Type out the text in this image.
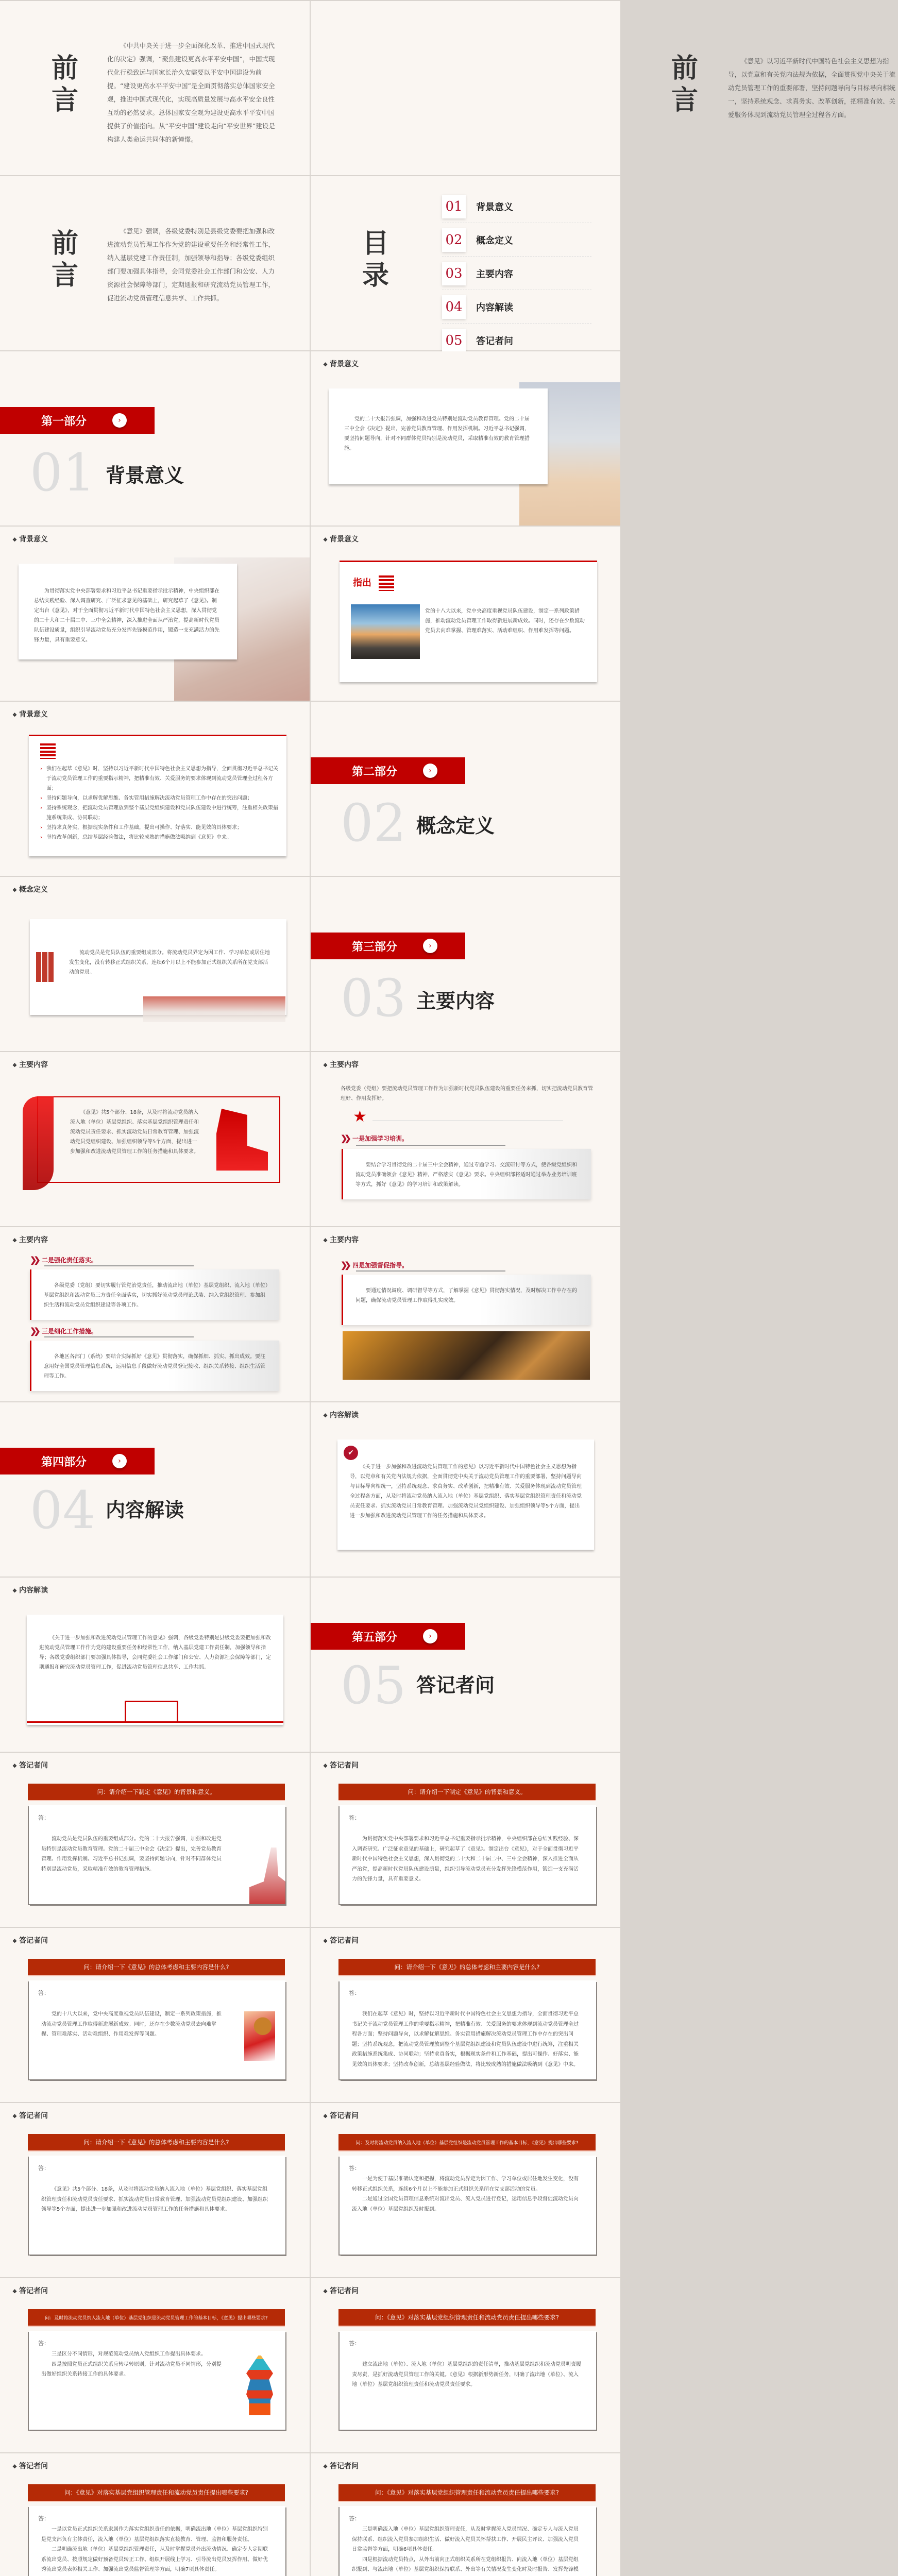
前言
《中共中央关于进一步全面深化改革、推进中国式现代化的决定》强调，“聚焦建设更高水平平安中国”，中国式现代化行稳致远与国家长治久安需要以平安中国建设为前提。“建设更高水平平安中国”是全面贯彻落实总体国家安全观，推进中国式现代化，实现高质量发展与高水平安全良性互动的必然要求。总体国家安全观为建设更高水平平安中国提供了价值指向。从“平安中国”建设走向“平安世界”建设是构建人类命运共同体的新憧憬。
前言
《意见》以习近平新时代中国特色社会主义思想为指导，以党章和有关党内法规为依据，全面贯彻党中央关于流动党员管理工作的重要部署，坚持问题导向与目标导向相统一，坚持系统观念、求真务实、改革创新，把精准有效、关爱服务体现到流动党员管理全过程各方面。
前言
《意见》强调，各级党委特别是县级党委要把加强和改进流动党员管理工作作为党的建设重要任务和经常性工作，纳入基层党建工作责任制，加强领导和指导；各级党委组织部门要加强具体指导，会同党委社会工作部门和公安、人力资源社会保障等部门，定期通报和研究流动党员管理工作，促进流动党员管理信息共享、工作共抓。
目录
01	背景意义
02	概念定义
03	主要内容
04	内容解读
05	答记者问
第一部分	›
01 背景意义
❖ 背景意义
党的二十大报告强调，加强和改进党员特别是流动党员教育管理。党的二十届三中全会《决定》提出，完善党员教育管理、作用发挥机制。习近平总书记强调，要坚持问题导向，针对不同群体党员特别是流动党员，采取精准有效的教育管理措施。
❖ 背景意义
为贯彻落实党中央部署要求和习近平总书记重要指示批示精神，中央组织部在总结实践经验、深入调查研究、广泛征求意见的基础上，研究起草了《意见》。制定出台《意见》，对于全面贯彻习近平新时代中国特色社会主义思想，深入贯彻党的二十大和二十届二中、三中全会精神，深入推进全面从严治党，提高新时代党员队伍建设质量，组织引导流动党员充分发挥先锋模范作用，锻造一支充满活力的先锋力量，具有重要意义。
❖ 背景意义
指出
党的十八大以来，党中央高度重视党员队伍建设，制定一系列政策措施，推动流动党员管理工作取得新进展新成效。同时，还存在少数流动党员去向难掌握、管理难落实、活动难组织、作用难发挥等问题。
❖ 背景意义
› 我们在起草《意见》时，坚持以习近平新时代中国特色社会主义思想为指导，全面贯彻习近平总书记关于流动党员管理工作的重要指示精神，把精准有效、关爱服务的要求体现到流动党员管理全过程各方面；
› 坚持问题导向，以求解优解思维、务实管用措施解决流动党员管理工作中存在的突出问题；
› 坚持系统观念，把流动党员管理放到整个基层党组织建设和党员队伍建设中进行统筹，注重相关政策措施系统集成、协同联动；
› 坚持求真务实，根据现实条件和工作基础，提出可操作、好落实、能见效的具体要求；
› 坚持改革创新，总结基层经验做法，将比较成熟的措施做法吸纳到《意见》中来。
第二部分	›
02 概念定义
❖ 概念定义
流动党员是党员队伍的重要组成部分。将流动党员界定为因工作、学习单位或居住地发生变化，没有转移正式组织关系，连续6个月以上不能参加正式组织关系所在党支部活动的党员。
第三部分	›
03 主要内容
❖ 主要内容
《意见》共5个部分、18条，从及时将流动党员纳入流入地（单位）基层党组织、落实基层党组织管理责任和流动党员责任要求、抓实流动党员日常教育管理、加强流动党员党组织建设、加强组织领导等5个方面，提出进一步加强和改进流动党员管理工作的任务措施和具体要求。
❖ 主要内容
各级党委（党组）要把流动党员管理工作作为加强新时代党员队伍建设的重要任务来抓，切实把流动党员教育管理好、作用发挥好。
★
❯❯
一是加强学习培训。
要结合学习贯彻党的二十届三中全会精神，通过专题学习、交流研讨等方式，使各级党组织和流动党员准确领会《意见》精神，严格落实《意见》要求。中央组织部将适时通过举办业务培训班等方式，抓好《意见》的学习培训和政策解读。
❖ 主要内容
❯❯
二是强化责任落实。
各级党委（党组）要切实履行管党治党责任，推动流出地（单位）基层党组织、流入地（单位）基层党组织和流动党员三方责任全面落实，切实抓好流动党员理论武装、纳入党组织管理、参加组织生活和流动党员党组织建设等各项工作。
❯❯
三是细化工作措施。
各地区各部门（系统）要结合实际抓好《意见》贯彻落实，确保抓细、抓实、抓出成效。要注意用好全国党员管理信息系统，运用信息手段做好流动党员登记接收、组织关系转接、组织生活管理等工作。
❖ 主要内容
❯❯
四是加强督促指导。
要通过情况调度、调研督导等方式，了解掌握《意见》贯彻落实情况，及时解决工作中存在的问题，确保流动党员管理工作取得扎实成效。
第四部分	›
04 内容解读
❖ 内容解读
✔
《关于进一步加强和改进流动党员管理工作的意见》以习近平新时代中国特色社会主义思想为指导，以党章和有关党内法规为依据，全面贯彻党中央关于流动党员管理工作的重要部署，坚持问题导向与目标导向相统一，坚持系统观念、求真务实、改革创新，把精准有效、关爱服务体现到流动党员管理全过程各方面，从及时将流动党员纳入流入地（单位）基层党组织、落实基层党组织管理责任和流动党员责任要求、抓实流动党员日常教育管理、加强流动党员党组织建设、加强组织领导等5个方面，提出进一步加强和改进流动党员管理工作的任务措施和具体要求。
❖ 内容解读
《关于进一步加强和改进流动党员管理工作的意见》强调，各级党委特别是县级党委要把加强和改进流动党员管理工作作为党的建设重要任务和经常性工作，纳入基层党建工作责任制，加强领导和指导；各级党委组织部门要加强具体指导，会同党委社会工作部门和公安、人力资源社会保障等部门，定期通报和研究流动党员管理工作，促进流动党员管理信息共享、工作共抓。
第五部分	›
05 答记者问
❖ 答记者问
问：请介绍一下制定《意见》的背景和意义。
答：

流动党员是党员队伍的重要组成部分。党的二十大报告强调，加强和改进党员特别是流动党员教育管理。党的二十届三中全会《决定》提出，完善党员教育管理、作用发挥机制。习近平总书记强调，要坚持问题导向，针对不同群体党员特别是流动党员，采取精准有效的教育管理措施。

❖ 答记者问
问：请介绍一下制定《意见》的背景和意义。
答：

为贯彻落实党中央部署要求和习近平总书记重要指示批示精神，中央组织部在总结实践经验、深入调查研究、广泛征求意见的基础上，研究起草了《意见》。制定出台《意见》，对于全面贯彻习近平新时代中国特色社会主义思想，深入贯彻党的二十大和二十届二中、三中全会精神，深入推进全面从严治党，提高新时代党员队伍建设质量，组织引导流动党员充分发挥先锋模范作用，锻造一支充满活力的先锋力量，具有重要意义。

❖ 答记者问
问：请介绍一下《意见》的总体考虑和主要内容是什么?
答：

党的十八大以来，党中央高度重视党员队伍建设，制定一系列政策措施，推动流动党员管理工作取得新进展新成效。同时，还存在少数流动党员去向难掌握、管理难落实、活动难组织、作用难发挥等问题。

❖ 答记者问
问：请介绍一下《意见》的总体考虑和主要内容是什么?
答：

我们在起草《意见》时，坚持以习近平新时代中国特色社会主义思想为指导，全面贯彻习近平总书记关于流动党员管理工作的重要指示精神，把精准有效、关爱服务的要求体现到流动党员管理全过程各方面；坚持问题导向，以求解优解思维、务实管用措施解决流动党员管理工作中存在的突出问题；坚持系统观念，把流动党员管理放到整个基层党组织建设和党员队伍建设中进行统筹，注重相关政策措施系统集成、协同联动；坚持求真务实，根据现实条件和工作基础，提出可操作、好落实、能见效的具体要求；坚持改革创新，总结基层经验做法，将比较成熟的措施做法吸纳到《意见》中来。

❖ 答记者问
问：请介绍一下《意见》的总体考虑和主要内容是什么?
答：

《意见》共5个部分、18条，从及时将流动党员纳入流入地（单位）基层党组织、落实基层党组织管理责任和流动党员责任要求、抓实流动党员日常教育管理、加强流动党员党组织建设、加强组织领导等5个方面，提出进一步加强和改进流动党员管理工作的任务措施和具体要求。

❖ 答记者问
问：及时将流动党员纳入流入地（单位）基层党组织是流动党员管理工作的基本目标，《意见》提出哪些要求?
答：

一是为便于基层准确认定和把握，将流动党员界定为因工作、学习单位或居住地发生变化，没有转移正式组织关系，连续6个月以上不能参加正式组织关系所在党支部活动的党员。

二是通过全国党员管理信息系统对流出党员、流入党员进行登记，运用信息手段督促流动党员向流入地（单位）基层党组织及时报到。

❖ 答记者问
问：及时将流动党员纳入流入地（单位）基层党组织是流动党员管理工作的基本目标，《意见》提出哪些要求?
答：

三是区分不同情形，对规范流动党员纳入党组织工作提出具体要求。

四是按照党员正式组织关系应转尽转原则，针对流动党员不同情形，分别提出做好组织关系转接工作的具体要求。

❖ 答记者问
问：《意见》对落实基层党组织管理责任和流动党员责任提出哪些要求?
答：

建立流出地（单位）、流入地（单位）基层党组织的责任清单，推动基层党组织和流动党员明责履责尽责，是抓好流动党员管理工作的关键。《意见》根据新形势新任务，明确了流出地（单位）、流入地（单位）基层党组织管理责任和流动党员责任要求。

❖ 答记者问
问：《意见》对落实基层党组织管理责任和流动党员责任提出哪些要求?
答：

一是以党员正式组织关系隶属作为落实党组织责任的依据，明确流出地（单位）基层党组织特别是党支部负有主体责任，流入地（单位）基层党组织落实直接教育、管理、监督和服务责任。

二是明确流出地（单位）基层党组织管理责任，从及时掌握党员外出流动情况、确定专人定期联系流出党员、按照规定做好预备党员转正工作、组织开展线上学习、引导流出党员发挥作用、做好优秀流出党员表彰相关工作、加强流出党员监督管理等方面，明确7项具体责任。

❖ 答记者问
问：《意见》对落实基层党组织管理责任和流动党员责任提出哪些要求?
答：

三是明确流入地（单位）基层党组织管理责任，从及时掌握流入党员情况、确定专人与流入党员保持联系、组织流入党员参加组织生活、做好流入党员关怀帮扶工作、开展民主评议、加强流入党员日常监督等方面，明确6项具体责任。

四是根据流动党员特点，从外出前向正式组织关系所在党组织报告、向流入地（单位）基层党组织报到、与流出地（单位）基层党组织保持联系、外出等有关情况发生变化时及时报告、发挥先锋模
